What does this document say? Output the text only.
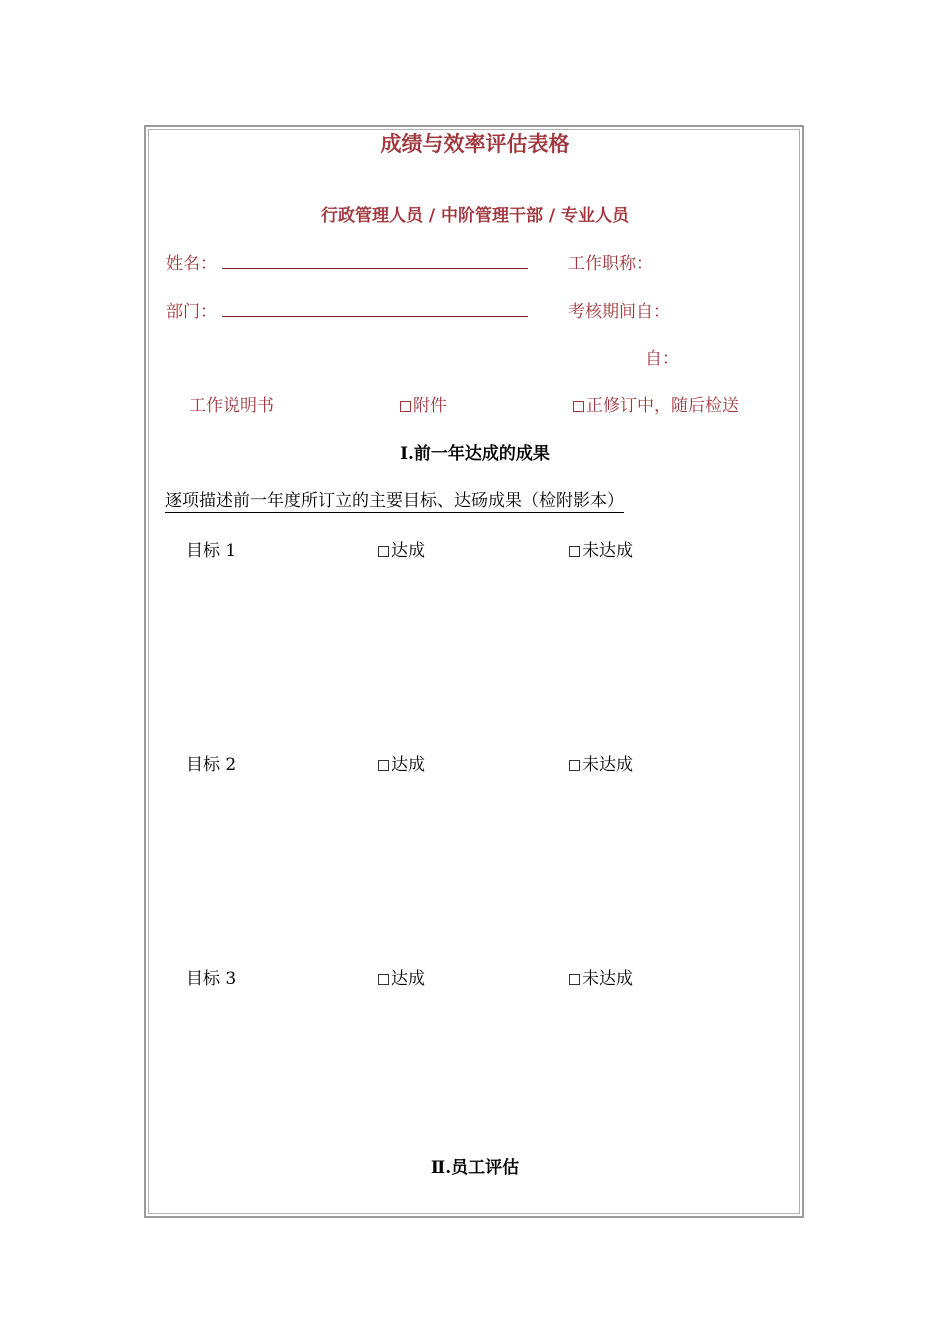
成绩与效率评估表格
行政管理人员 / 中阶管理干部 / 专业人员
姓名：	工作职称：
部门：	考核期间自：
自：
工作说明书	附件	正修订中，随后检送
Ⅰ.前一年达成的成果
逐项描述前一年度所订立的主要目标、达砀成果（检附影本）
目标 1	达成	未达成
目标 2	达成	未达成
目标 3	达成	未达成
Ⅱ.员工评估
